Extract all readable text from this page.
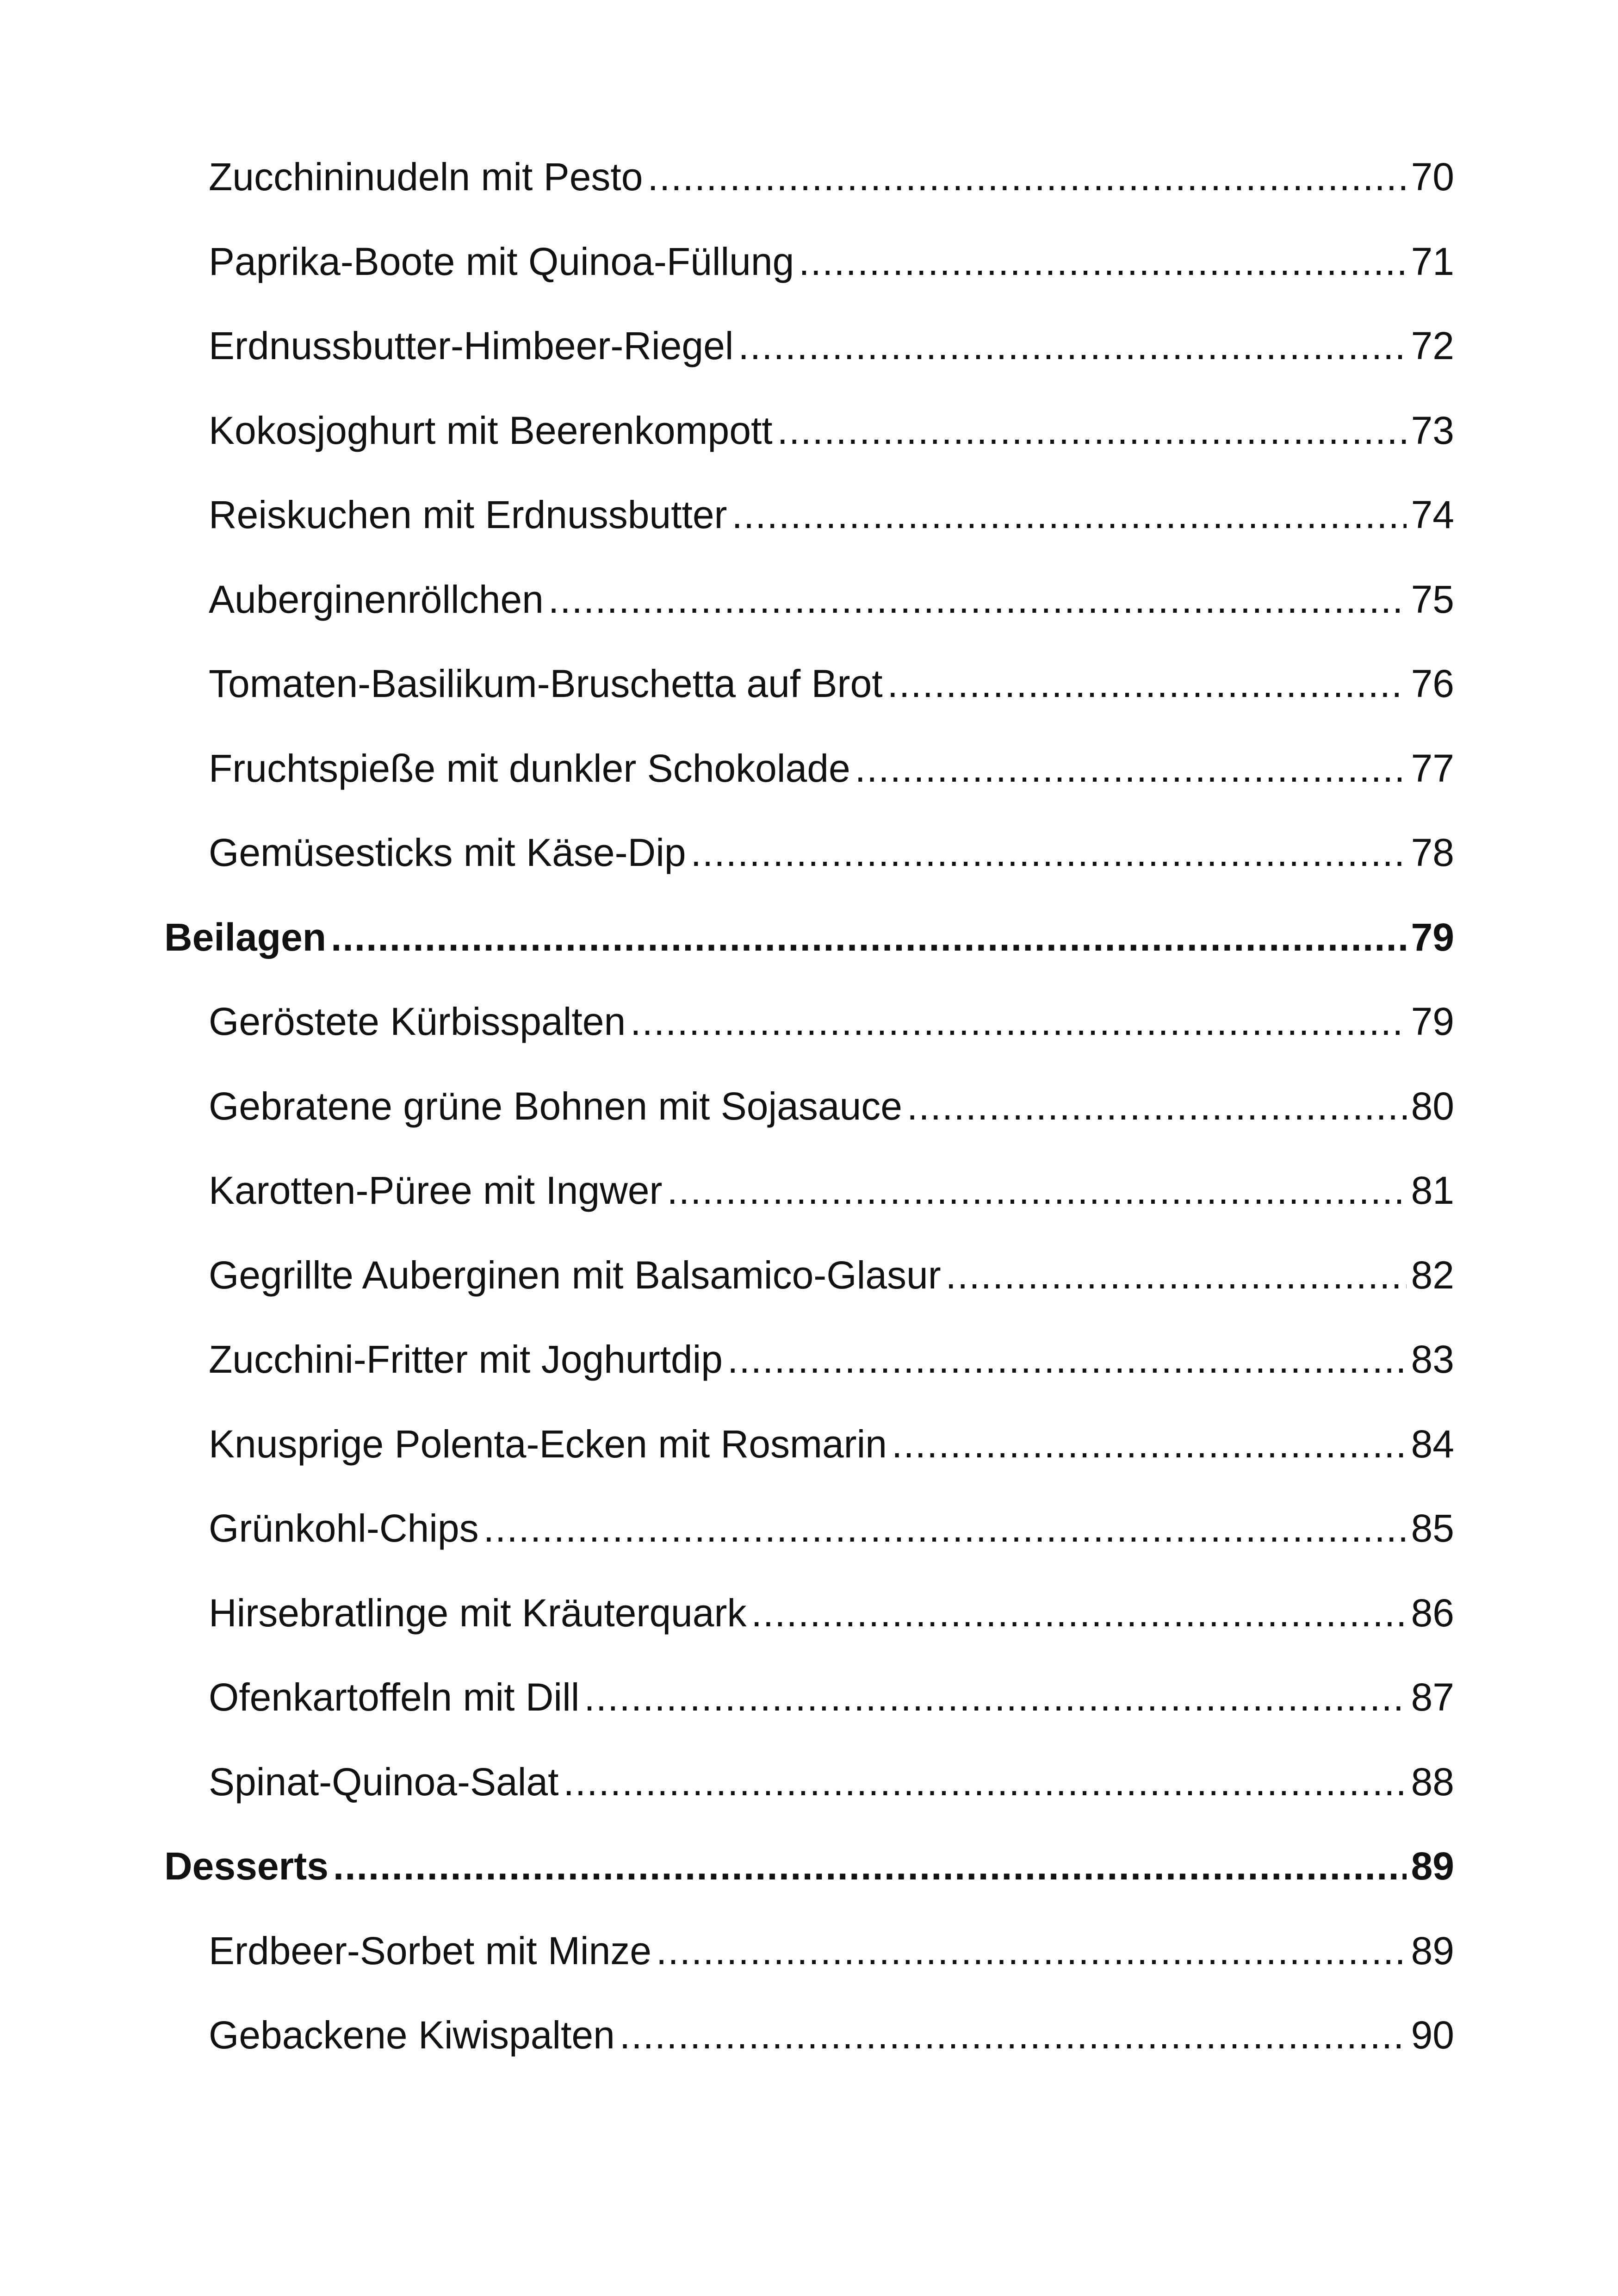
Zucchininudeln mit Pesto .....	70
Paprika-Boote mit Quinoa-Füllung .....	71
Erdnussbutter-Himbeer-Riegel .....	72
Kokosjoghurt mit Beerenkompott .....	73
Reiskuchen mit Erdnussbutter .....	74
Auberginenröllchen .....	75
Tomaten-Basilikum-Bruschetta auf Brot .....	76
Fruchtspieße mit dunkler Schokolade .....	77
Gemüsesticks mit Käse-Dip .....	78
Beilagen .....	79
Geröstete Kürbisspalten .....	79
Gebratene grüne Bohnen mit Sojasauce .....	80
Karotten-Püree mit Ingwer .....	81
Gegrillte Auberginen mit Balsamico-Glasur .....	82
Zucchini-Fritter mit Joghurtdip .....	83
Knusprige Polenta-Ecken mit Rosmarin .....	84
Grünkohl-Chips .....	85
Hirsebratlinge mit Kräuterquark .....	86
Ofenkartoffeln mit Dill .....	87
Spinat-Quinoa-Salat .....	88
Desserts .....	89
Erdbeer-Sorbet mit Minze .....	89
Gebackene Kiwispalten .....	90
